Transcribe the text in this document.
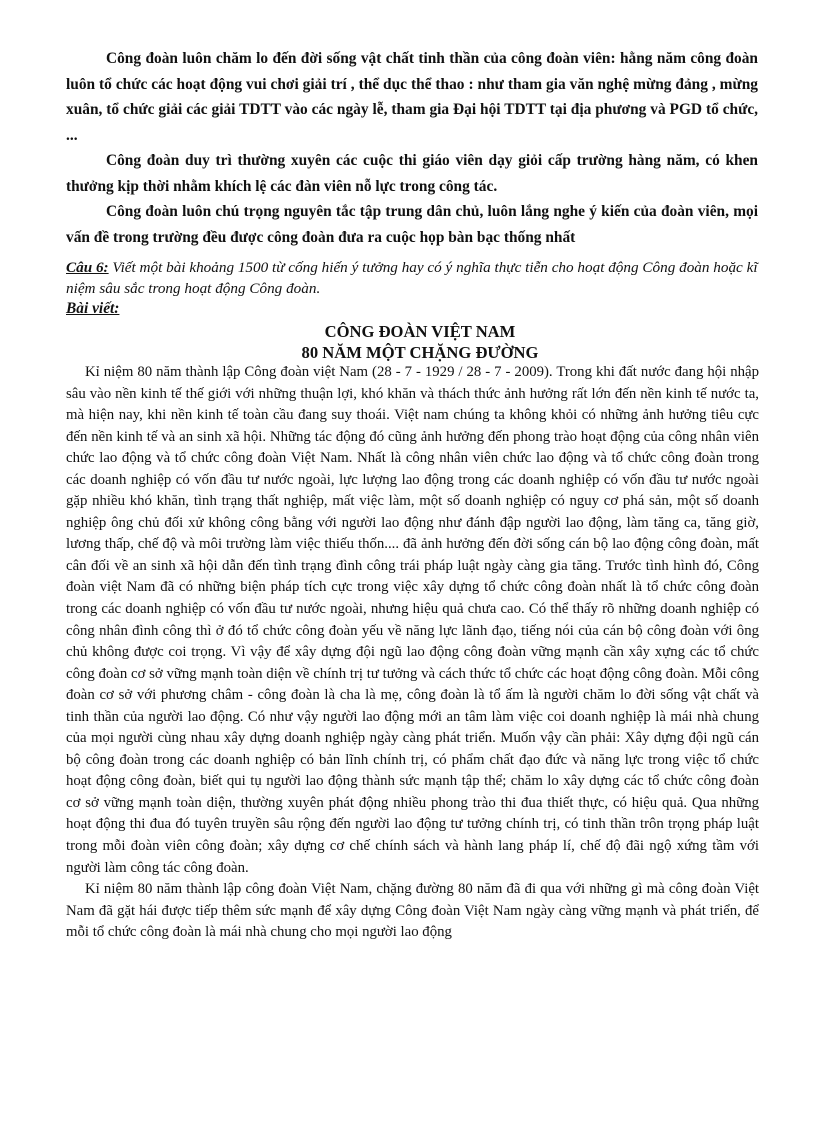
Công đoàn luôn chăm lo đến đời sống vật chất tinh thần của công đoàn viên: hằng năm công đoàn luôn tổ chức các hoạt động vui chơi giải trí , thể dục thể thao : như tham gia văn nghệ mừng đảng , mừng xuân, tổ chức giải các giải TDTT vào các ngày lễ, tham gia Đại hội TDTT tại địa phương và PGD tổ chức, ...

Công đoàn duy trì thường xuyên các cuộc thi giáo viên dạy giỏi cấp trường hàng năm, có khen thưởng kịp thời nhằm khích lệ các đàn viên nỗ lực trong công tác.

Công đoàn luôn chú trọng nguyên tắc tập trung dân chủ, luôn lắng nghe ý kiến của đoàn viên, mọi vấn đề trong trường đều được công đoàn đưa ra cuộc họp bàn bạc thống nhất

Câu 6: Viết một bài khoảng 1500 từ cống hiến ý tưởng hay có ý nghĩa thực tiễn cho hoạt động Công đoàn hoặc kĩ niệm sâu sắc trong hoạt động Công đoàn.
Bài viết:
CÔNG ĐOÀN VIỆT NAM
80 NĂM MỘT CHẶNG ĐƯỜNG

Kỉ niệm 80 năm thành lập Công đoàn việt Nam (28 - 7 - 1929 / 28 - 7 - 2009). Trong khi đất nước đang hội nhập sâu vào nền kinh tế thế giới với những thuận lợi, khó khăn và thách thức ảnh hưởng rất lớn đến nền kinh tế nước ta, mà hiện nay, khi nền kinh tế toàn cầu đang suy thoái. Việt nam chúng ta không khỏi có những ảnh hưởng tiêu cực đến nền kinh tế và an sinh xã hội. Những tác động đó cũng ảnh hưởng đến phong trào hoạt động của công nhân viên chức lao động và tổ chức công đoàn Việt Nam. Nhất là công nhân viên chức lao động và tổ chức công đoàn trong các doanh nghiệp có vốn đầu tư nước ngoài, lực lượng lao động trong các doanh nghiệp có vốn đầu tư nước ngoài gặp nhiều khó khăn, tình trạng thất nghiệp, mất việc làm, một số doanh nghiệp có nguy cơ phá sản, một số doanh nghiệp ông chủ đối xử không công bằng với người lao động như đánh đập người lao động, làm tăng ca, tăng giờ, lương thấp, chế độ và môi trường làm việc thiếu thốn.... đã ảnh hưởng đến đời sống cán bộ lao động công đoàn, mất cân đối về an sinh xã hội dẫn đến tình trạng đình công trái pháp luật ngày càng gia tăng. Trước tình hình đó, Công đoàn việt Nam đã có những biện pháp tích cực trong việc xây dựng tổ chức công đoàn nhất là tổ chức công đoàn trong các doanh nghiệp có vốn đầu tư nước ngoài, nhưng hiệu quả chưa cao. Có thể thấy rõ những doanh nghiệp có công nhân đình công thì ở đó tổ chức công đoàn yếu về năng lực lãnh đạo, tiếng nói của cán bộ công đoàn với ông chủ không được coi trọng. Vì vậy để xây dựng đội ngũ lao động công đoàn vững mạnh cần xây xựng các tổ chức công đoàn cơ sở vững mạnh toàn diện về chính trị tư tưởng và cách thức tổ chức các hoạt động công đoàn. Mỗi công đoàn cơ sở với phương châm - công đoàn là cha là mẹ, công đoàn là tổ ấm là người chăm lo đời sống vật chất và tinh thần của người lao động. Có như vậy người lao động mới an tâm làm việc coi doanh nghiệp là mái nhà chung của mọi người cùng nhau xây dựng doanh nghiệp ngày càng phát triển. Muốn vậy cần phải: Xây dựng đội ngũ cán bộ công đoàn trong các doanh nghiệp có bản lĩnh chính trị, có phẩm chất đạo đức và năng lực trong việc tổ chức hoạt động công đoàn, biết qui tụ người lao động thành sức mạnh tập thể; chăm lo xây dựng các tổ chức công đoàn cơ sở vững mạnh toàn diện, thường xuyên phát động nhiều phong trào thi đua thiết thực, có hiệu quả. Qua những hoạt động thi đua đó tuyên truyền sâu rộng đến người lao động tư tưởng chính trị, có tinh thần trôn trọng pháp luật trong mỗi đoàn viên công đoàn; xây dựng cơ chế chính sách và hành lang pháp lí, chế độ đãi ngộ xứng tầm với người làm công tác công đoàn.

Kỉ niệm 80 năm thành lập công đoàn Việt Nam, chặng đường 80 năm đã đi qua với những gì mà công đoàn Việt Nam đã gặt hái được tiếp thêm sức mạnh để xây dựng Công đoàn Việt Nam ngày càng vững mạnh và phát triển, để mỗi tổ chức công đoàn là mái nhà chung cho mọi người lao động
